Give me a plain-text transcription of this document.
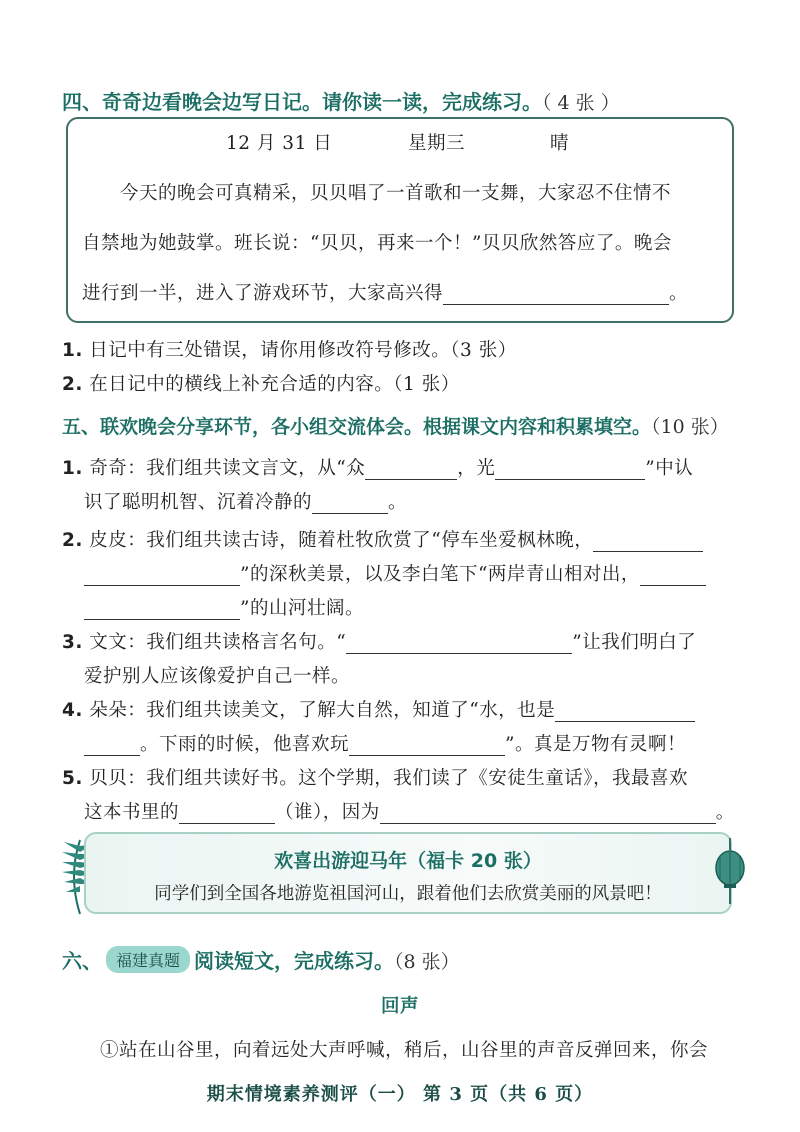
四、奇奇边看晚会边写日记。请你读一读，完成练习。（ 4 张 ）
12 月 31 日	星期三	晴
今天的晚会可真精采，贝贝唱了一首歌和一支舞，大家忍不住情不
自禁地为她鼓掌。班长说：“贝贝，再来一个！”贝贝欣然答应了。晚会
进行到一半，进入了游戏环节，大家高兴得	。
1. 日记中有三处错误，请你用修改符号修改。（3 张）
2. 在日记中的横线上补充合适的内容。（1 张）
五、联欢晚会分享环节，各小组交流体会。根据课文内容和积累填空。（10 张）
1. 奇奇：我们组共读文言文，从“众	，光	”中认
识了聪明机智、沉着冷静的	。
2. 皮皮：我们组共读古诗，随着杜牧欣赏了“停车坐爱枫林晚，
”的深秋美景，以及李白笔下“两岸青山相对出，
”的山河壮阔。
3. 文文：我们组共读格言名句。“	”让我们明白了
爱护别人应该像爱护自己一样。
4. 朵朵：我们组共读美文，了解大自然，知道了“水，也是
。下雨的时候，他喜欢玩	”。真是万物有灵啊！
5. 贝贝：我们组共读好书。这个学期，我们读了《安徒生童话》，我最喜欢
这本书里的	（谁），因为	。
欢喜出游迎马年（福卡 20 张）
同学们到全国各地游览祖国河山，跟着他们去欣赏美丽的风景吧！
六、 福建真题 阅读短文，完成练习。（8 张）
回声
①站在山谷里，向着远处大声呼喊，稍后，山谷里的声音反弹回来，你会
期末情境素养测评（一） 第 3 页（共 6 页）
